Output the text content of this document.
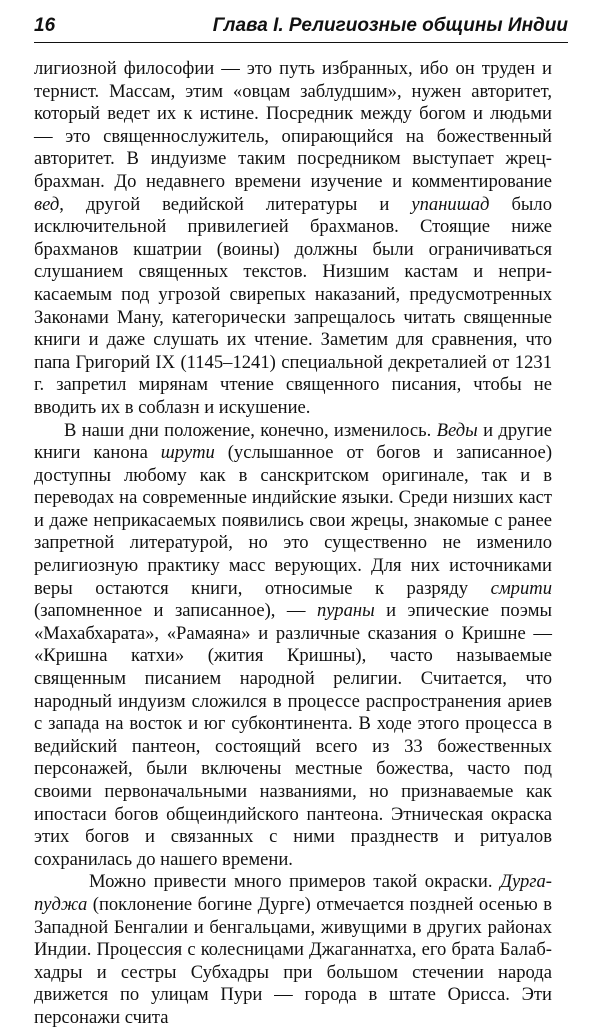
16	Глава I. Религиозные общины Индии

лигиозной философии — это путь избранных, ибо он труден и тернист. Массам, этим «овцам заблудшим», нужен авторитет, который ведет их к истине. Посредник между богом и людьми — это священнослужитель, опирающийся на божественный авторитет. В индуизме таким посредником выступает жрец-брахман. До недавнего времени изучение и комментирование вед, другой ведийской литературы и упанишад было исключительной привилегией брахманов. Стоящие ниже брахманов кшатрии (воины) должны были ограничиваться слушанием священных текстов. Низшим кастам и неприкасаемым под угрозой свирепых наказаний, предусмотренных Законами Ману, категорически запрещалось читать священные книги и даже слушать их чтение. Заметим для сравнения, что папа Григорий IX (1145–1241) специальной декреталией от 1231 г. запретил мирянам чтение священного писания, чтобы не вводить их в соблазн и искушение.

В наши дни положение, конечно, изменилось. Веды и другие книги канона шрути (услышанное от богов и записанное) доступны любому как в санскритском оригинале, так и в переводах на современные индийские языки. Среди низших каст и даже неприкасаемых появились свои жрецы, знакомые с ранее запретной литературой, но это существенно не изменило религиозную практику масс верующих. Для них источниками веры остаются книги, относимые к разряду смрити (запомненное и записанное), — пураны и эпические поэмы «Махабхарата», «Рамаяна» и различные сказания о Кришне — «Кришна катхи» (жития Кришны), часто называемые священным писанием народной религии. Считается, что народный индуизм сложился в процессе распространения ариев с запада на восток и юг субконтинента. В ходе этого процесса в ведийский пантеон, состоящий всего из 33 божественных персонажей, были включены местные божества, часто под своими первоначальными названиями, но признаваемые как ипостаси богов общеиндийского пантеона. Этническая окраска этих богов и связанных с ними празднеств и ритуалов сохранилась до нашего времени.

Можно привести много примеров такой окраски. Дургапуджа (поклонение богине Дурге) отмечается поздней осенью в Западной Бенгалии и бенгальцами, живущими в других районах Индии. Процессия с колесницами Джаганнатха, его брата Балабхадры и сестры Субхадры при большом стечении народа движется по улицам Пури — города в штате Орисса. Эти персонажи счита
